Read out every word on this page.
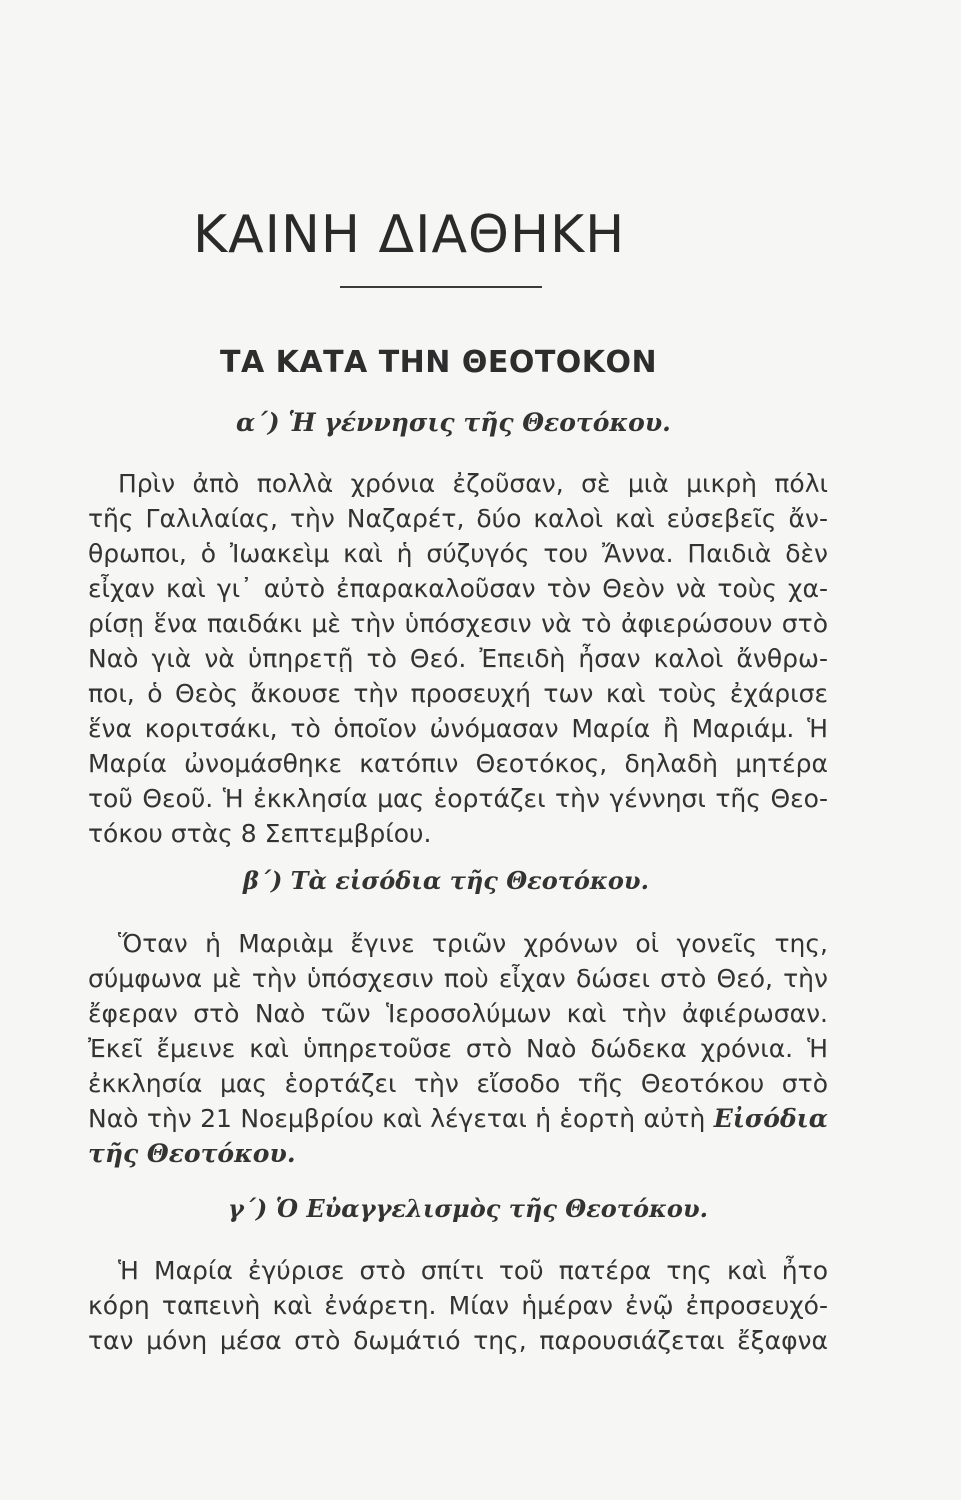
ΚΑΙΝΗ ΔΙΑΘΗΚΗ
ΤΑ ΚΑΤΑ ΤΗΝ ΘΕΟΤΟΚΟΝ
α΄) Ἡ γέννησις τῆς Θεοτόκου.
Πρὶν ἀπὸ πολλὰ χρόνια ἐζοῦσαν, σὲ μιὰ μικρὴ πόλι
τῆς Γαλιλαίας, τὴν Ναζαρέτ, δύο καλοὶ καὶ εὐσεβεῖς ἄν-
θρωποι, ὁ Ἰωακεὶμ καὶ ἡ σύζυγός του Ἄννα. Παιδιὰ δὲν
εἶχαν καὶ γι᾿ αὐτὸ ἐπαρακαλοῦσαν τὸν Θεὸν νὰ τοὺς χα-
ρίσῃ ἕνα παιδάκι μὲ τὴν ὑπόσχεσιν νὰ τὸ ἀφιερώσουν στὸ
Ναὸ γιὰ νὰ ὑπηρετῇ τὸ Θεό. Ἐπειδὴ ἦσαν καλοὶ ἄνθρω-
ποι, ὁ Θεὸς ἄκουσε τὴν προσευχή των καὶ τοὺς ἐχάρισε
ἕνα κοριτσάκι, τὸ ὁποῖον ὠνόμασαν Μαρία ἢ Μαριάμ. Ἡ
Μαρία ὠνομάσθηκε κατόπιν Θεοτόκος, δηλαδὴ μητέρα
τοῦ Θεοῦ. Ἡ ἐκκλησία μας ἑορτάζει τὴν γέννησι τῆς Θεο-
τόκου στὰς 8 Σεπτεμβρίου.
β΄) Τὰ εἰσόδια τῆς Θεοτόκου.
Ὅταν ἡ Μαριὰμ ἔγινε τριῶν χρόνων οἱ γονεῖς της,
σύμφωνα μὲ τὴν ὑπόσχεσιν ποὺ εἶχαν δώσει στὸ Θεό, τὴν
ἔφεραν στὸ Ναὸ τῶν Ἱεροσολύμων καὶ τὴν ἀφιέρωσαν.
Ἐκεῖ ἔμεινε καὶ ὑπηρετοῦσε στὸ Ναὸ δώδεκα χρόνια. Ἡ
ἐκκλησία μας ἑορτάζει τὴν εἴσοδο τῆς Θεοτόκου στὸ
Ναὸ τὴν 21 Νοεμβρίου καὶ λέγεται ἡ ἑορτὴ αὐτὴ Εἰσόδια
τῆς Θεοτόκου.
γ΄) Ὁ Εὐαγγελισμὸς τῆς Θεοτόκου.
Ἡ Μαρία ἐγύρισε στὸ σπίτι τοῦ πατέρα της καὶ ἦτο
κόρη ταπεινὴ καὶ ἐνάρετη. Μίαν ἡμέραν ἐνῷ ἐπροσευχό-
ταν μόνη μέσα στὸ δωμάτιό της, παρουσιάζεται ἔξαφνα
